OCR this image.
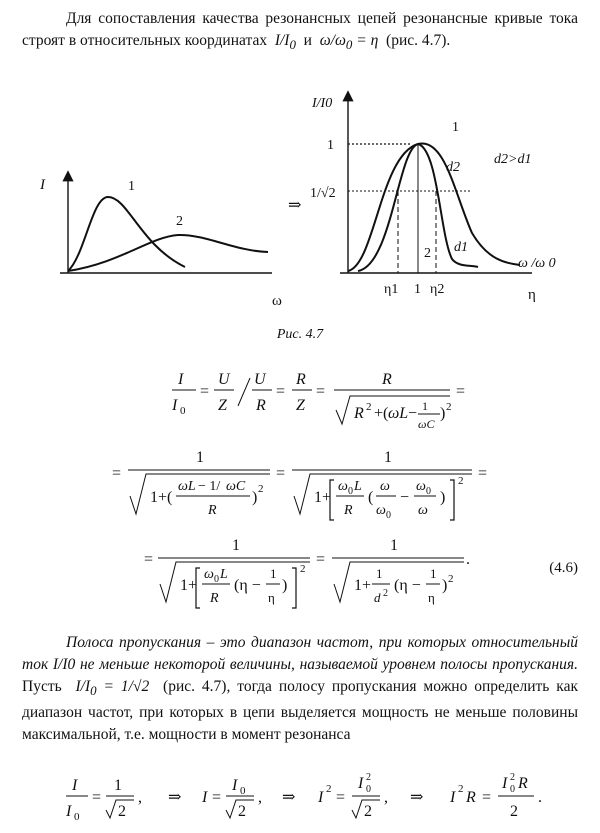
Для сопоставления качества резонансных цепей резонансные кривые тока строят в относительных координатах  $I/I_0$ и  $\omega/\omega_0 = \eta$  (рис. 4.7).
I
ω
1
2
⇒
I/I0
1
1/√2
1
2
d2
d1
d2>d1
ω /ω 0
η
η1 1 η2
Рис. 4.7
I
I 0
=
U
Z
U
R
=
R
Z
=
R
R 2 +( ωL − 1
ωC
) 2
=
=
1
1+(
ωL − 1/ ωC
R
) 2
=
1
1+
ω 0 L
R
(
ω
ω 0
−
ω 0
ω
)
2 =
=
1
1+
ω 0 L
R
(η −
1
η
)
2
=
1
1+
1
d 2 (η −
1
η
) 2
.	(4.6)
Полоса пропускания – это диапазон частот, при которых относительный ток I/I0 не меньше некоторой величины, называемой уровнем полосы пропускания. Пусть  $I/I_0 = 1/√2$  (рис. 4.7), тогда полосу пропускания можно определить как диапазон частот, при которых в цепи выделяется мощность не меньше половины максимальной, т.е. мощности в момент резонанса
I
I 0
=
1
2
, ⇒ I =
I 0
2
, ⇒ I 2 =
I 0
2
2
, ⇒ I 2 R =
I 0
2 R
2
.
